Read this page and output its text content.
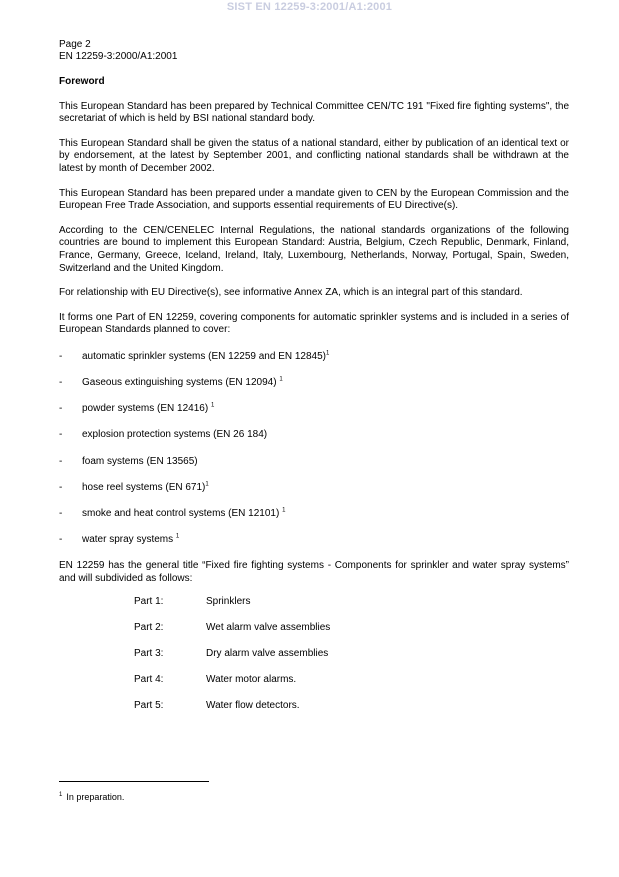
SIST EN 12259-3:2001/A1:2001

Page 2

EN 12259-3:2000/A1:2001

Foreword

This European Standard has been prepared by Technical Committee CEN/TC 191 "Fixed fire fighting systems", the secretariat of which is held by BSI national standard body.

This European Standard shall be given the status of a national standard, either by publication of an identical text or by endorsement, at the latest by September 2001, and conflicting national standards shall be withdrawn at the latest by month of December 2002.

This European Standard has been prepared under a mandate given to CEN by the European Commission and the European Free Trade Association, and supports essential requirements of EU Directive(s).

According to the CEN/CENELEC Internal Regulations, the national standards organizations of the following countries are bound to implement this European Standard: Austria, Belgium, Czech Republic, Denmark, Finland, France, Germany, Greece, Iceland, Ireland, Italy, Luxembourg, Netherlands, Norway, Portugal, Spain, Sweden, Switzerland and the United Kingdom.

For relationship with EU Directive(s), see informative Annex ZA, which is an integral part of this standard.

It forms one Part of EN 12259, covering components for automatic sprinkler systems and is included in a series of European Standards planned to cover:

- automatic sprinkler systems (EN 12259 and EN 12845)$^1$
- Gaseous extinguishing systems (EN 12094) $^1$
- powder systems (EN 12416) $^1$
- explosion protection systems (EN 26 184)
- foam systems (EN 13565)
- hose reel systems (EN 671)$^1$
- smoke and heat control systems (EN 12101) $^1$
- water spray systems $^1$

EN 12259 has the general title “Fixed fire fighting systems - Components for sprinkler and water spray systems” and will subdivided as follows:

Part 1:	Sprinklers
Part 2:	Wet alarm valve assemblies
Part 3:	Dry alarm valve assemblies
Part 4:	Water motor alarms.
Part 5:	Water flow detectors.
$^1$ In preparation.
